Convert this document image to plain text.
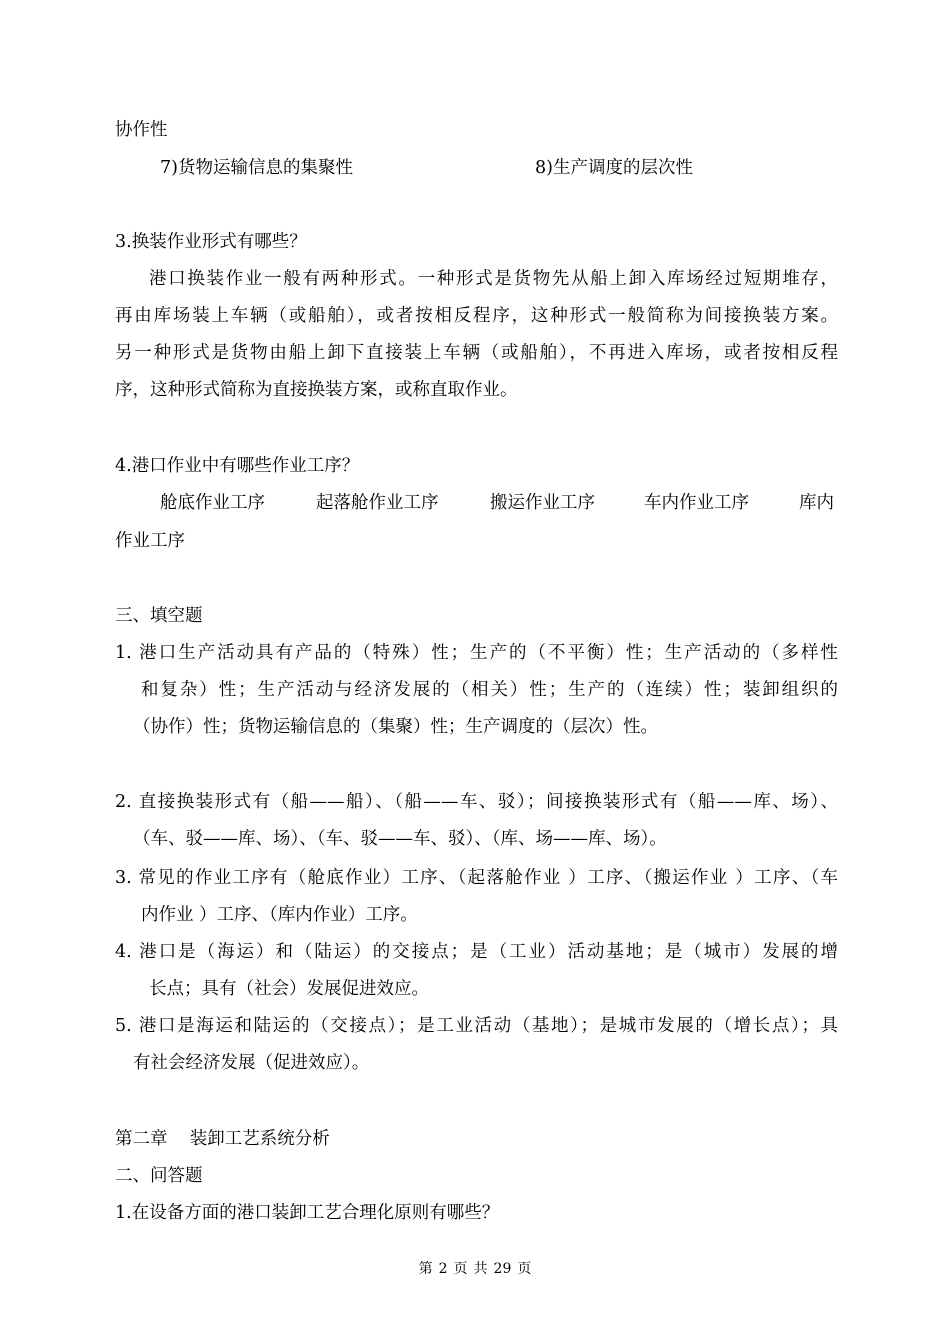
协作性
7)货物运输信息的集聚性	8)生产调度的层次性
3.换装作业形式有哪些？
港口换装作业一般有两种形式。一种形式是货物先从船上卸入库场经过短期堆存，
再由库场装上车辆（或船舶），或者按相反程序，这种形式一般简称为间接换装方案。
另一种形式是货物由船上卸下直接装上车辆（或船舶），不再进入库场，或者按相反程
序，这种形式简称为直接换装方案，或称直取作业。
4.港口作业中有哪些作业工序？
舱底作业工序	起落舱作业工序	搬运作业工序	车内作业工序	库内
作业工序
三、填空题
1. 港口生产活动具有产品的（特殊）性；生产的（不平衡）性；生产活动的（多样性
和复杂）性；生产活动与经济发展的（相关）性；生产的（连续）性；装卸组织的
（协作）性；货物运输信息的（集聚）性；生产调度的（层次）性。
2. 直接换装形式有（船——船）、（船——车、驳）；间接换装形式有（船——库、场）、
（车、驳——库、场）、（车、驳——车、驳）、（库、场——库、场）。
3. 常见的作业工序有（舱底作业）工序、（起落舱作业 ）工序、（搬运作业 ）工序、（车
内作业 ）工序、（库内作业）工序。
4. 港口是（海运）和（陆运）的交接点；是（工业）活动基地；是（城市）发展的增
长点；具有（社会）发展促进效应。
5. 港口是海运和陆运的（交接点）；是工业活动（基地）；是城市发展的（增长点）；具
有社会经济发展（促进效应）。
第二章    装卸工艺系统分析
二、问答题
1.在设备方面的港口装卸工艺合理化原则有哪些？
第 2 页 共 29 页
